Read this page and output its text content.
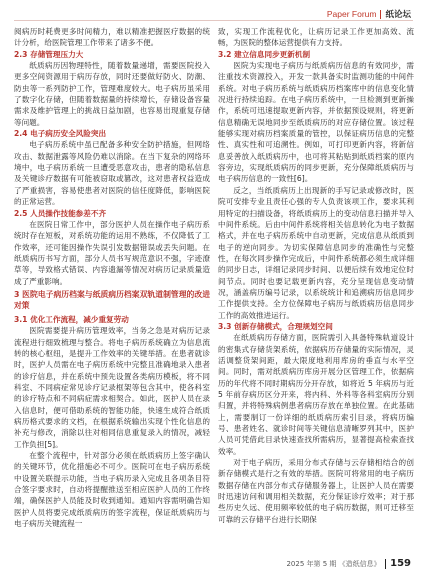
Paper Forum 纸论坛

阅病历时耗费更多时间精力，难以精准把握医疗数据的统计分析，给医院管理工作带来了诸多不便。

2.3 存储管理压力大

纸质病历因物理特性，随着数量递增，需要医院投入更多空间资源用于病历存放，同时还要做好防火、防潮、防虫等一系列防护工作，管理难度较大。电子病历虽采用了数字化存储，但随着数据量的持续增长，存储设备容量需求及维护管理上的挑战日益加剧，也容易出现重复存储等问题。

2.4 电子病历安全风险突出

电子病历系统中虽已配备多种安全防护措施，但网络攻击、数据泄露等风险仍难以消除。在当下复杂的网络环境中，电子病历系统一旦遭受恶意攻击，患者的隐私信息及关键诊疗数据有可能被窃取或篡改，这对患者权益造成了严重损害，容易使患者对医院的信任度降低，影响医院的正常运营。

2.5 人员操作技能参差不齐

在医院日常工作中，部分医护人员在操作电子病历系统时存在短板，对系统功能的运用不熟练，不仅降低了工作效率，还可能因操作失误引发数据错误或丢失问题。在纸质病历书写方面，部分人员书写规范意识不强，字迹潦草等，导致格式错误、内容遗漏等情况对病历记录质量造成了严重影响。

3 医院电子病历档案与纸质病历档案双轨道制管理的改进对策
3.1 优化工作流程，减少重复劳动

医院需要提升病历管理效率，当务之急是对病历记录流程进行细致梳理与整合。将电子病历系统确立为信息流转的核心枢纽，是提升工作效率的关键举措。在患者就诊时，医护人员需在电子病历系统中完整且准确地录入患者的诊疗信息，并在系统中预先设置各类病历模板，将不同科室、不同病症常见诊疗记录框架等包含其中，使各科室的诊疗特点和不同病症需求相契合。如此，医护人员在录入信息时，便可借助系统的智能功能，快速生成符合纸质病历格式要求的文档，在根据系统输出实现个性化信息的补充与修改，消除以往对相同信息重复录入的情况，减轻工作负担[5]。

在整个流程中，针对部分必须在纸质病历上签字确认的关键环节，优化措施必不可少。医院可在电子病历系统中设置关联提示功能，当电子病历录入完成且各项条目符合签字要求时，自动将提醒推送至相应医护人员的工作终端，确保医护人员能及时收到通知。通知内容需明确告知医护人员将要完成纸质病历的签字流程，保证纸质病历与电子病历关键流程一

致，实现工作流程优化，让病历记录工作更加高效、流畅，为医院的整体运营提供有力支持。

3.2 建立信息同步更新机制

医院为实现电子病历与纸质病历信息的有效同步，需注重技术资源投入，开发一款具备实时监测功能的中间件系统。对电子病历系统与纸质病历档案库中的信息变化情况进行持续追踪。在电子病历系统中，一旦检测到更新操作，系统可迅速提取更新内容，并依据预设规则，将更新信息精确无误地同步至纸质病历的对应存储位置。该过程能够实现对病历档案质量的管控，以保证病历信息的完整性、真实性和可追溯性。例如，可打印更新内容，将新信息妥善放入纸质病历中，也可将其粘贴到纸质档案的原内容旁边，实现纸质病历的同步更新，充分保障纸质病历与电子病历信息的一致性[6]。

反之，当纸质病历上出现新的手写记录或修改时，医院可安排专业且责任心强的专人负责该项工作，要求其利用特定的扫描设备，将纸质病历上的变动信息扫描并导入中间件系统。后由中间件系统将相关信息转化为电子数据格式，并在电子病历系统中自动更新，完成信息从纸质到电子的逆向同步。为切实保障信息同步的准确性与完整性，在每次同步操作完成后，中间件系统都必须生成详细的同步日志，详细记录同步时间、以便后续有效地定位时间节点。同时也要记载更新内容，充分呈现信息变动情况，涵盖病历编号记录，以系统统计和追溯病历信息同步工作提供支持。全方位保障电子病历与纸质病历信息同步工作的高效推进运行。

3.3 创新存储模式，合理规划空间

在纸质病历存储方面，医院需引入具备特殊轨道设计的密集式存储货架系统，依据病历存储量的实际情况，灵活调整货架间距，最大限度地利用库房的垂直与水平空间。同时，需对纸质病历库房开展分区管理工作，依据病历的年代将不同时期病历分开存放，如将近 5 年病历与近 5 年前存病历区分开来，将内科、外科等各科室病历分别归置，并将特殊病例患者病历存放在单独位置。在此基础上，需要制订一份详细的纸质病历索引目录，将病历编号、患者姓名、就诊时间等关键信息清晰罗列其中，医护人员可凭借此目录快速查找所需病历，显著提高检索查找效率。

对于电子病历，采用分布式存储与云存储相结合的创新存储模式是行之有效的举措。医院可将常用的电子病历数据存储在内部分布式存储服务器上，让医护人员在需要时迅速访问和调用相关数据，充分保证诊疗效率；对于那些历史久远、使用频率较低的电子病历数据，则可迁移至可靠的云存储平台进行长期保

2025 年第 5 期 《造纸信息》 159
